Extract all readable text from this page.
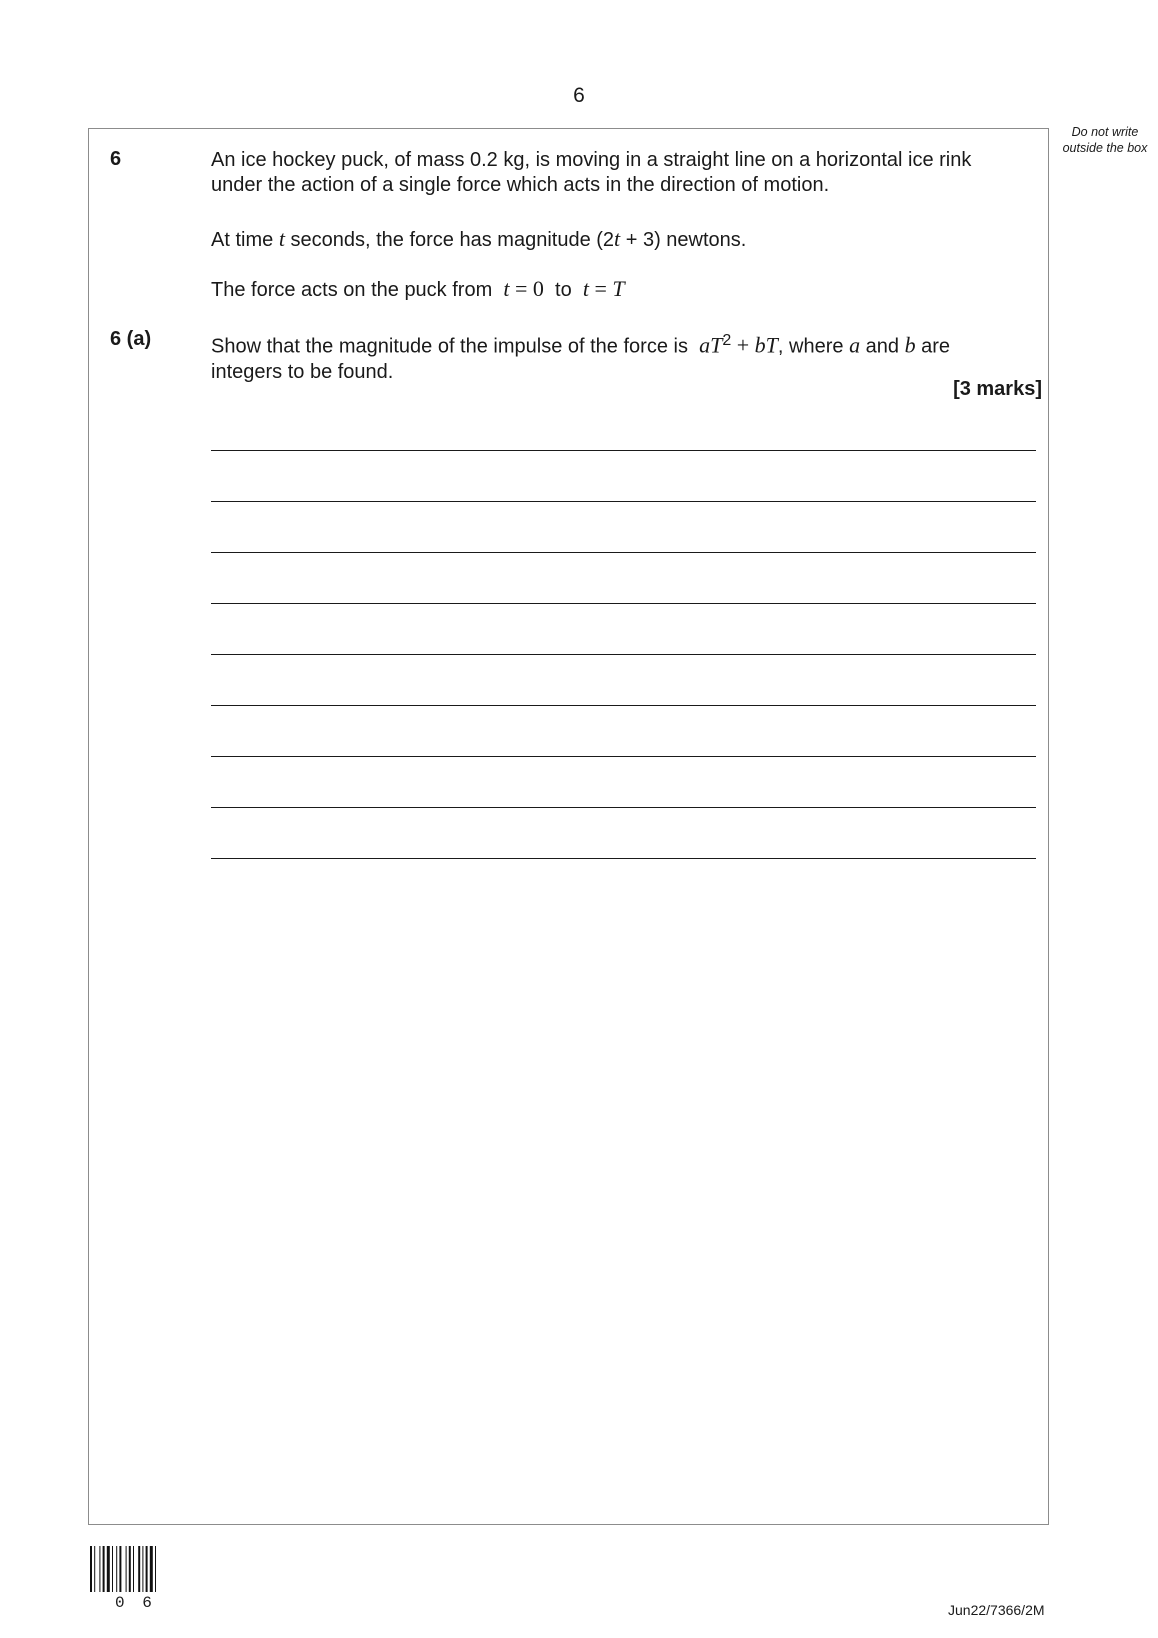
6
Do not write outside the box
6	An ice hockey puck, of mass 0.2 kg, is moving in a straight line on a horizontal ice rink
under the action of a single force which acts in the direction of motion.
At time t seconds, the force has magnitude (2t + 3) newtons.
The force acts on the puck from t = 0 to t = T
6 (a)	Show that the magnitude of the impulse of the force is $aT^2$ + bT, where a and b are
integers to be found.
[3 marks]
0 6	Jun22/7366/2M
